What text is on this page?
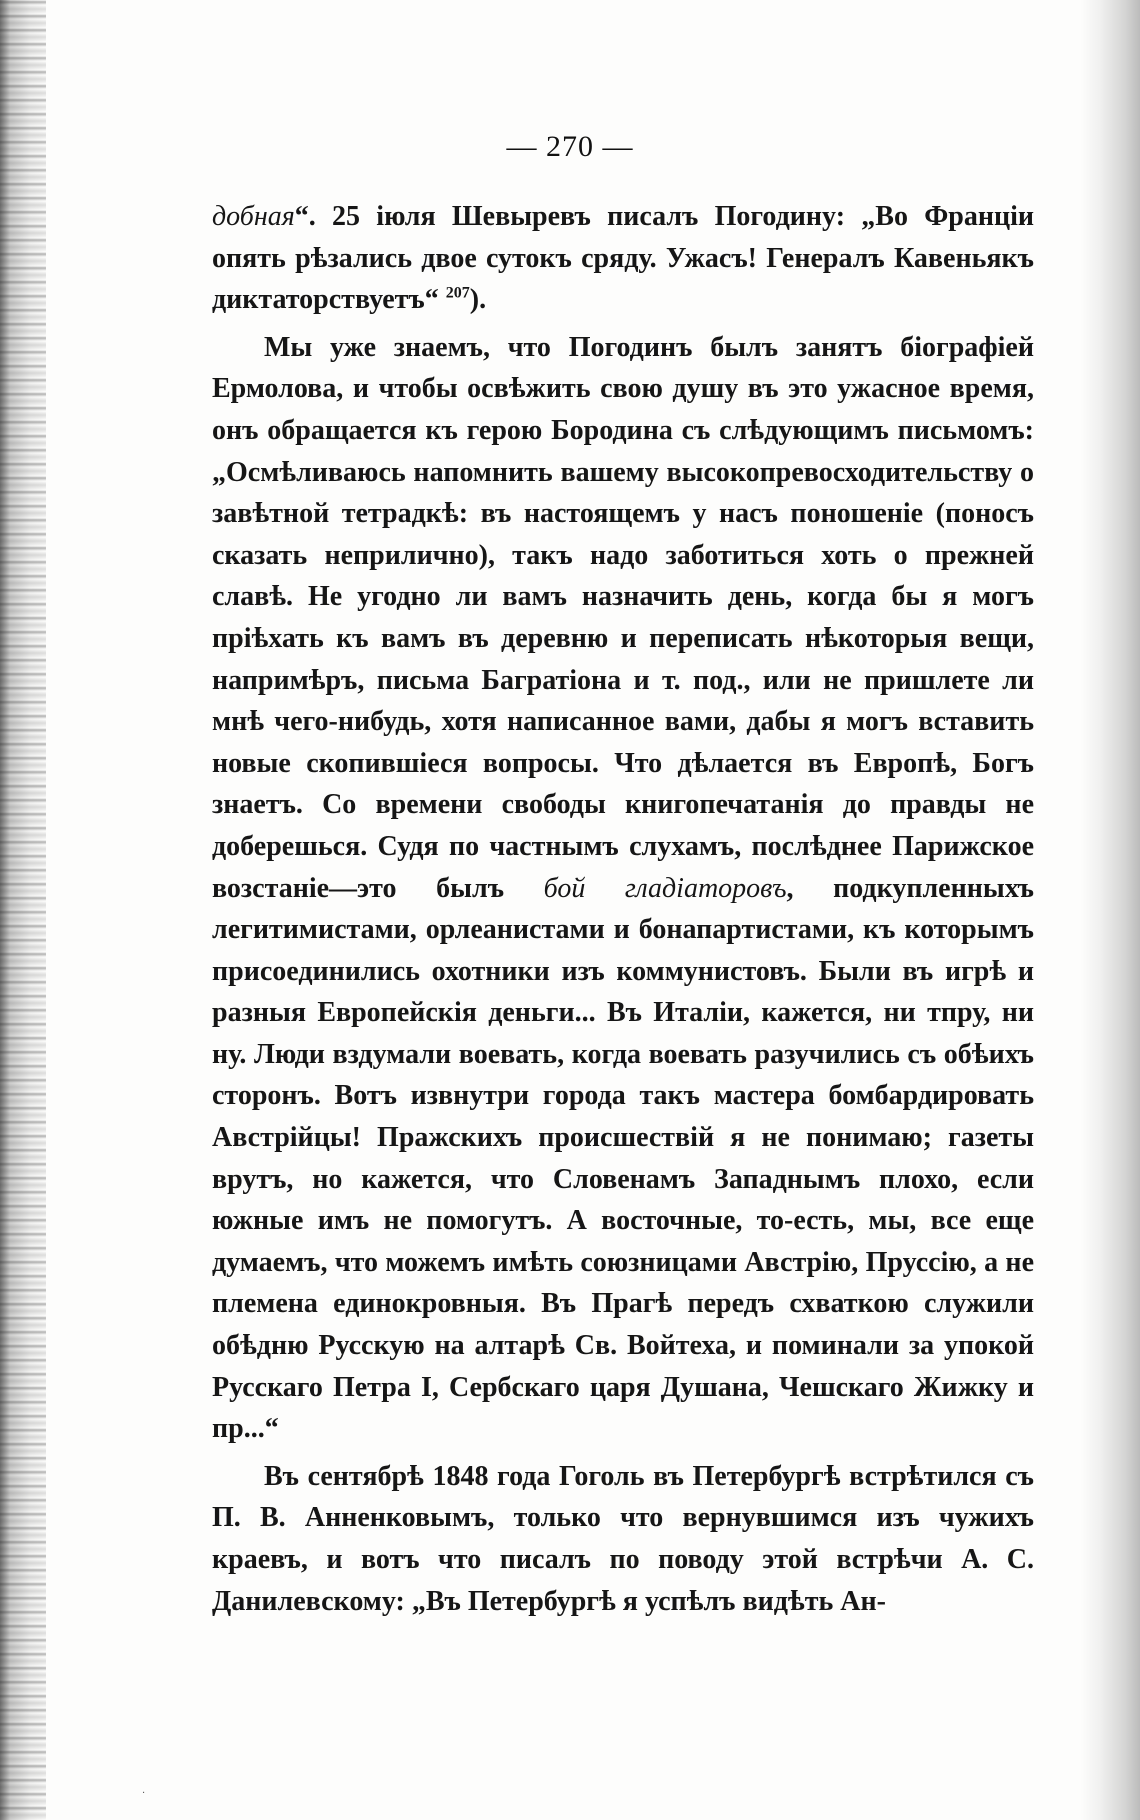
— 270 —

добная“. 25 іюля Шевыревъ писалъ Погодину: „Во Франціи опять рѣзались двое сутокъ сряду. Ужасъ! Генералъ Кавеньякъ диктаторствуетъ“ $^{207}$).

Мы уже знаемъ, что Погодинъ былъ занятъ біографіей Ермолова, и чтобы освѣжить свою душу въ это ужасное время, онъ обращается къ герою Бородина съ слѣдующимъ письмомъ: „Осмѣливаюсь напомнить вашему высокопревосходительству о завѣтной тетрадкѣ: въ настоящемъ у насъ поношеніе (поносъ сказать неприлично), такъ надо заботиться хоть о прежней славѣ. Не угодно ли вамъ назначить день, когда бы я могъ пріѣхать къ вамъ въ деревню и переписать нѣкоторыя вещи, напримѣръ, письма Багратіона и т. под., или не пришлете ли мнѣ чего-нибудь, хотя написанное вами, дабы я могъ вставить новые скопившіеся вопросы. Что дѣлается въ Европѣ, Богъ знаетъ. Со времени свободы книгопечатанія до правды не доберешься. Судя по частнымъ слухамъ, послѣднее Парижское возстаніе—это былъ бой гладіаторовъ, подкупленныхъ легитимистами, орлеанистами и бонапартистами, къ которымъ присоединились охотники изъ коммунистовъ. Были въ игрѣ и разныя Европейскія деньги... Въ Италіи, кажется, ни тпру, ни ну. Люди вздумали воевать, когда воевать разучились съ обѣихъ сторонъ. Вотъ извнутри города такъ мастера бомбардировать Австрійцы! Пражскихъ происшествій я не понимаю; газеты врутъ, но кажется, что Словенамъ Западнымъ плохо, если южные имъ не помогутъ. А восточные, то-есть, мы, все еще думаемъ, что можемъ имѣть союзницами Австрію, Пруссію, а не племена единокровныя. Въ Прагѣ передъ схваткою служили обѣдню Русскую на алтарѣ Св. Войтеха, и поминали за упокой Русскаго Петра I, Сербскаго царя Душана, Чешскаго Жижку и пр...“

Въ сентябрѣ 1848 года Гоголь въ Петербургѣ встрѣтился съ П. В. Анненковымъ, только что вернувшимся изъ чужихъ краевъ, и вотъ что писалъ по поводу этой встрѣчи А. С. Данилевскому: „Въ Петербургѣ я успѣлъ видѣть Ан-

·
